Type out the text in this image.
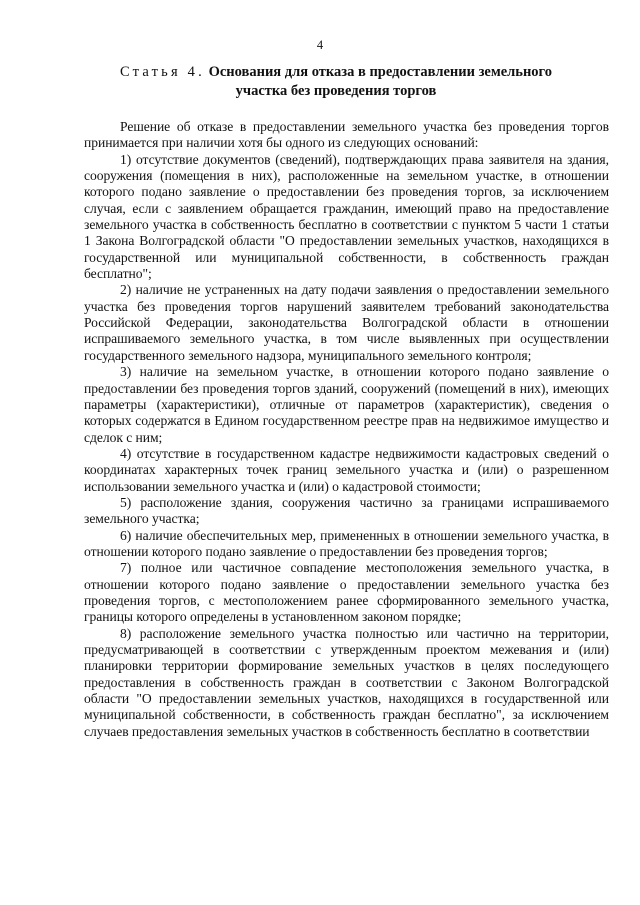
4
Статья 4. Основания для отказа в предоставлении земельного участка без проведения торгов

Решение об отказе в предоставлении земельного участка без проведения торгов принимается при наличии хотя бы одного из следующих оснований:

1) отсутствие документов (сведений), подтверждающих права заявителя на здания, сооружения (помещения в них), расположенные на земельном участке, в отношении которого подано заявление о предоставлении без проведения торгов, за исключением случая, если с заявлением обращается гражданин, имеющий право на предоставление земельного участка в собственность бесплатно в соответствии с пунктом 5 части 1 статьи 1 Закона Волгоградской области "О предоставлении земельных участков, находящихся в государственной или муниципальной собственности, в собственность граждан бесплатно";

2) наличие не устраненных на дату подачи заявления о предоставлении земельного участка без проведения торгов нарушений заявителем требований законодательства Российской Федерации, законодательства Волгоградской области в отношении испрашиваемого земельного участка, в том числе выявленных при осуществлении государственного земельного надзора, муниципального земельного контроля;

3) наличие на земельном участке, в отношении которого подано заявление о предоставлении без проведения торгов зданий, сооружений (помещений в них), имеющих параметры (характеристики), отличные от параметров (характеристик), сведения о которых содержатся в Едином государственном реестре прав на недвижимое имущество и сделок с ним;

4) отсутствие в государственном кадастре недвижимости кадастровых сведений о координатах характерных точек границ земельного участка и (или) о разрешенном использовании земельного участка и (или) о кадастровой стоимости;

5) расположение здания, сооружения частично за границами испрашиваемого земельного участка;

6) наличие обеспечительных мер, примененных в отношении земельного участка, в отношении которого подано заявление о предоставлении без проведения торгов;

7) полное или частичное совпадение местоположения земельного участка, в отношении которого подано заявление о предоставлении земельного участка без проведения торгов, с местоположением ранее сформированного земельного участка, границы которого определены в установленном законом порядке;

8) расположение земельного участка полностью или частично на территории, предусматривающей в соответствии с утвержденным проектом межевания и (или) планировки территории формирование земельных участков в целях последующего предоставления в собственность граждан в соответствии с Законом Волгоградской области "О предоставлении земельных участков, находящихся в государственной или муниципальной собственности, в собственность граждан бесплатно", за исключением случаев предоставления земельных участков в собственность бесплатно в соответствии
